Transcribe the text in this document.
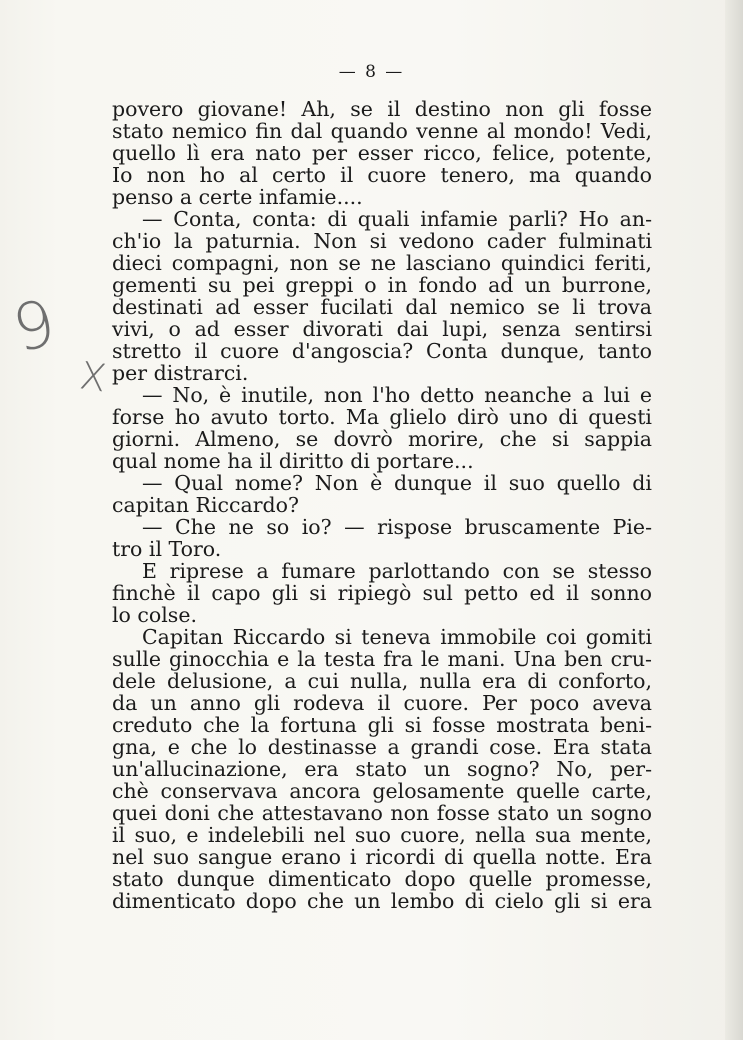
— 8 —
9
X
povero giovane! Ah, se il destino non gli fosse
stato nemico fin dal quando venne al mondo! Vedi,
quello lì era nato per esser ricco, felice, potente,
Io non ho al certo il cuore tenero, ma quando
penso a certe infamie....
— Conta, conta: di quali infamie parli? Ho an-
ch'io la paturnia. Non si vedono cader fulminati
dieci compagni, non se ne lasciano quindici feriti,
gementi su pei greppi o in fondo ad un burrone,
destinati ad esser fucilati dal nemico se li trova
vivi, o ad esser divorati dai lupi, senza sentirsi
stretto il cuore d'angoscia? Conta dunque, tanto
per distrarci.
— No, è inutile, non l'ho detto neanche a lui e
forse ho avuto torto. Ma glielo dirò uno di questi
giorni. Almeno, se dovrò morire, che si sappia
qual nome ha il diritto di portare...
— Qual nome? Non è dunque il suo quello di
capitan Riccardo?
— Che ne so io? — rispose bruscamente Pie-
tro il Toro.
E riprese a fumare parlottando con se stesso
finchè il capo gli si ripiegò sul petto ed il sonno
lo colse.
Capitan Riccardo si teneva immobile coi gomiti
sulle ginocchia e la testa fra le mani. Una ben cru-
dele delusione, a cui nulla, nulla era di conforto,
da un anno gli rodeva il cuore. Per poco aveva
creduto che la fortuna gli si fosse mostrata beni-
gna, e che lo destinasse a grandi cose. Era stata
un'allucinazione, era stato un sogno? No, per-
chè conservava ancora gelosamente quelle carte,
quei doni che attestavano non fosse stato un sogno
il suo, e indelebili nel suo cuore, nella sua mente,
nel suo sangue erano i ricordi di quella notte. Era
stato dunque dimenticato dopo quelle promesse,
dimenticato dopo che un lembo di cielo gli si era
